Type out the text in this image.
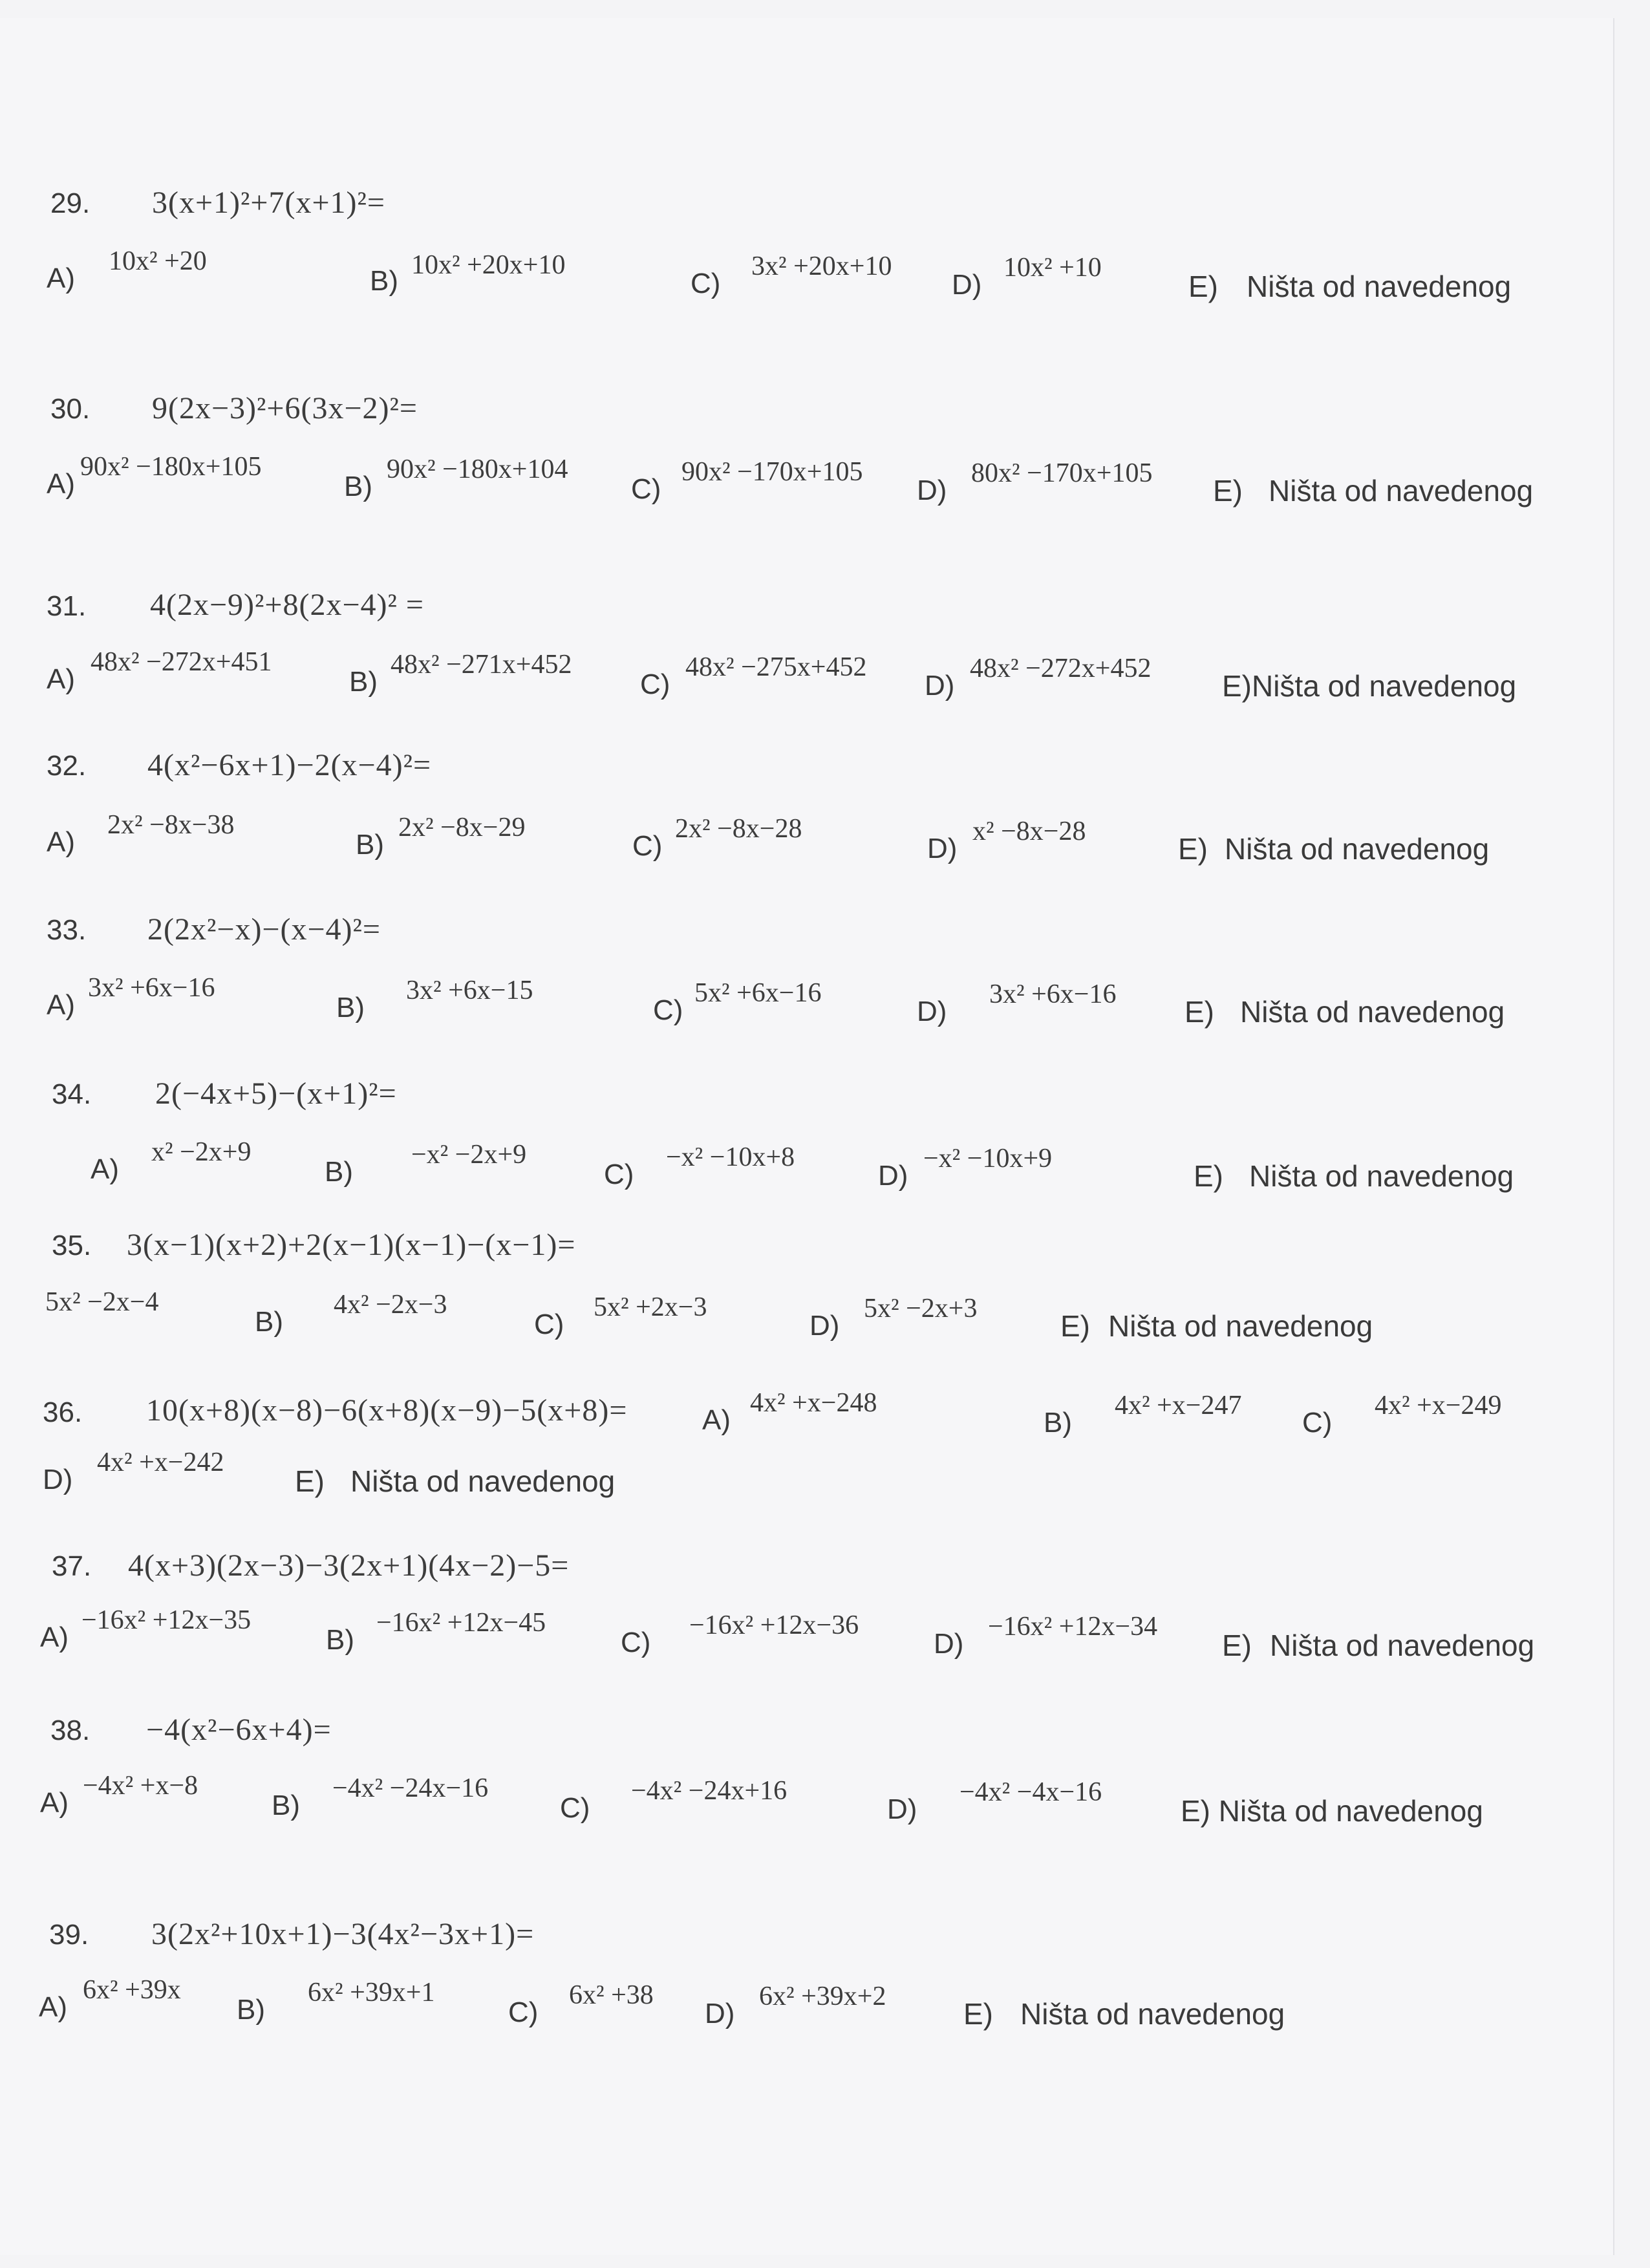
29. 3(x+1)²+7(x+1)²=
A)
10x² +20
B) 10x² +20x+10
C)
3x² +20x+10
D)
10x² +10
E) Ništa od navedenog
30. 9(2x−3)²+6(3x−2)²=
A)
90x² −180x+105
B)
90x² −180x+104
C)
90x² −170x+105
D)
80x² −170x+105
E) Ništa od navedenog
31. 4(2x−9)²+8(2x−4)² =
A)
48x² −272x+451
B)
48x² −271x+452
C)
48x² −275x+452
D)
48x² −272x+452
E)Ništa od navedenog
32. 4(x²−6x+1)−2(x−4)²=
A)
2x² −8x−38
B)
2x² −8x−29
C)
2x² −8x−28
D)
x² −8x−28
E) Ništa od navedenog
33. 2(2x²−x)−(x−4)²=
A)
3x² +6x−16
B)
3x² +6x−15
C)
5x² +6x−16
D)
3x² +6x−16
E) Ništa od navedenog
34. 2(−4x+5)−(x+1)²=
A)
x² −2x+9
B)
−x² −2x+9
C)
−x² −10x+8
D)
−x² −10x+9
E) Ništa od navedenog
35. 3(x−1)(x+2)+2(x−1)(x−1)−(x−1)=
5x² −2x−4
B)
4x² −2x−3
C)
5x² +2x−3
D)
5x² −2x+3
E) Ništa od navedenog
36. 10(x+8)(x−8)−6(x+8)(x−9)−5(x+8)=	A)
4x² +x−248
B)
4x² +x−247
C)
4x² +x−249
D)
4x² +x−242
E) Ništa od navedenog
37. 4(x+3)(2x−3)−3(2x+1)(4x−2)−5=
A)
−16x² +12x−35
B)
−16x² +12x−45
C)
−16x² +12x−36
D)
−16x² +12x−34
E) Ništa od navedenog
38. −4(x²−6x+4)=
A)
−4x² +x−8
B)
−4x² −24x−16
C)
−4x² −24x+16
D)
−4x² −4x−16
E) Ništa od navedenog
39. 3(2x²+10x+1)−3(4x²−3x+1)=
A)
6x² +39x
B)
6x² +39x+1
C)
6x² +38
D)
6x² +39x+2
E) Ništa od navedenog
